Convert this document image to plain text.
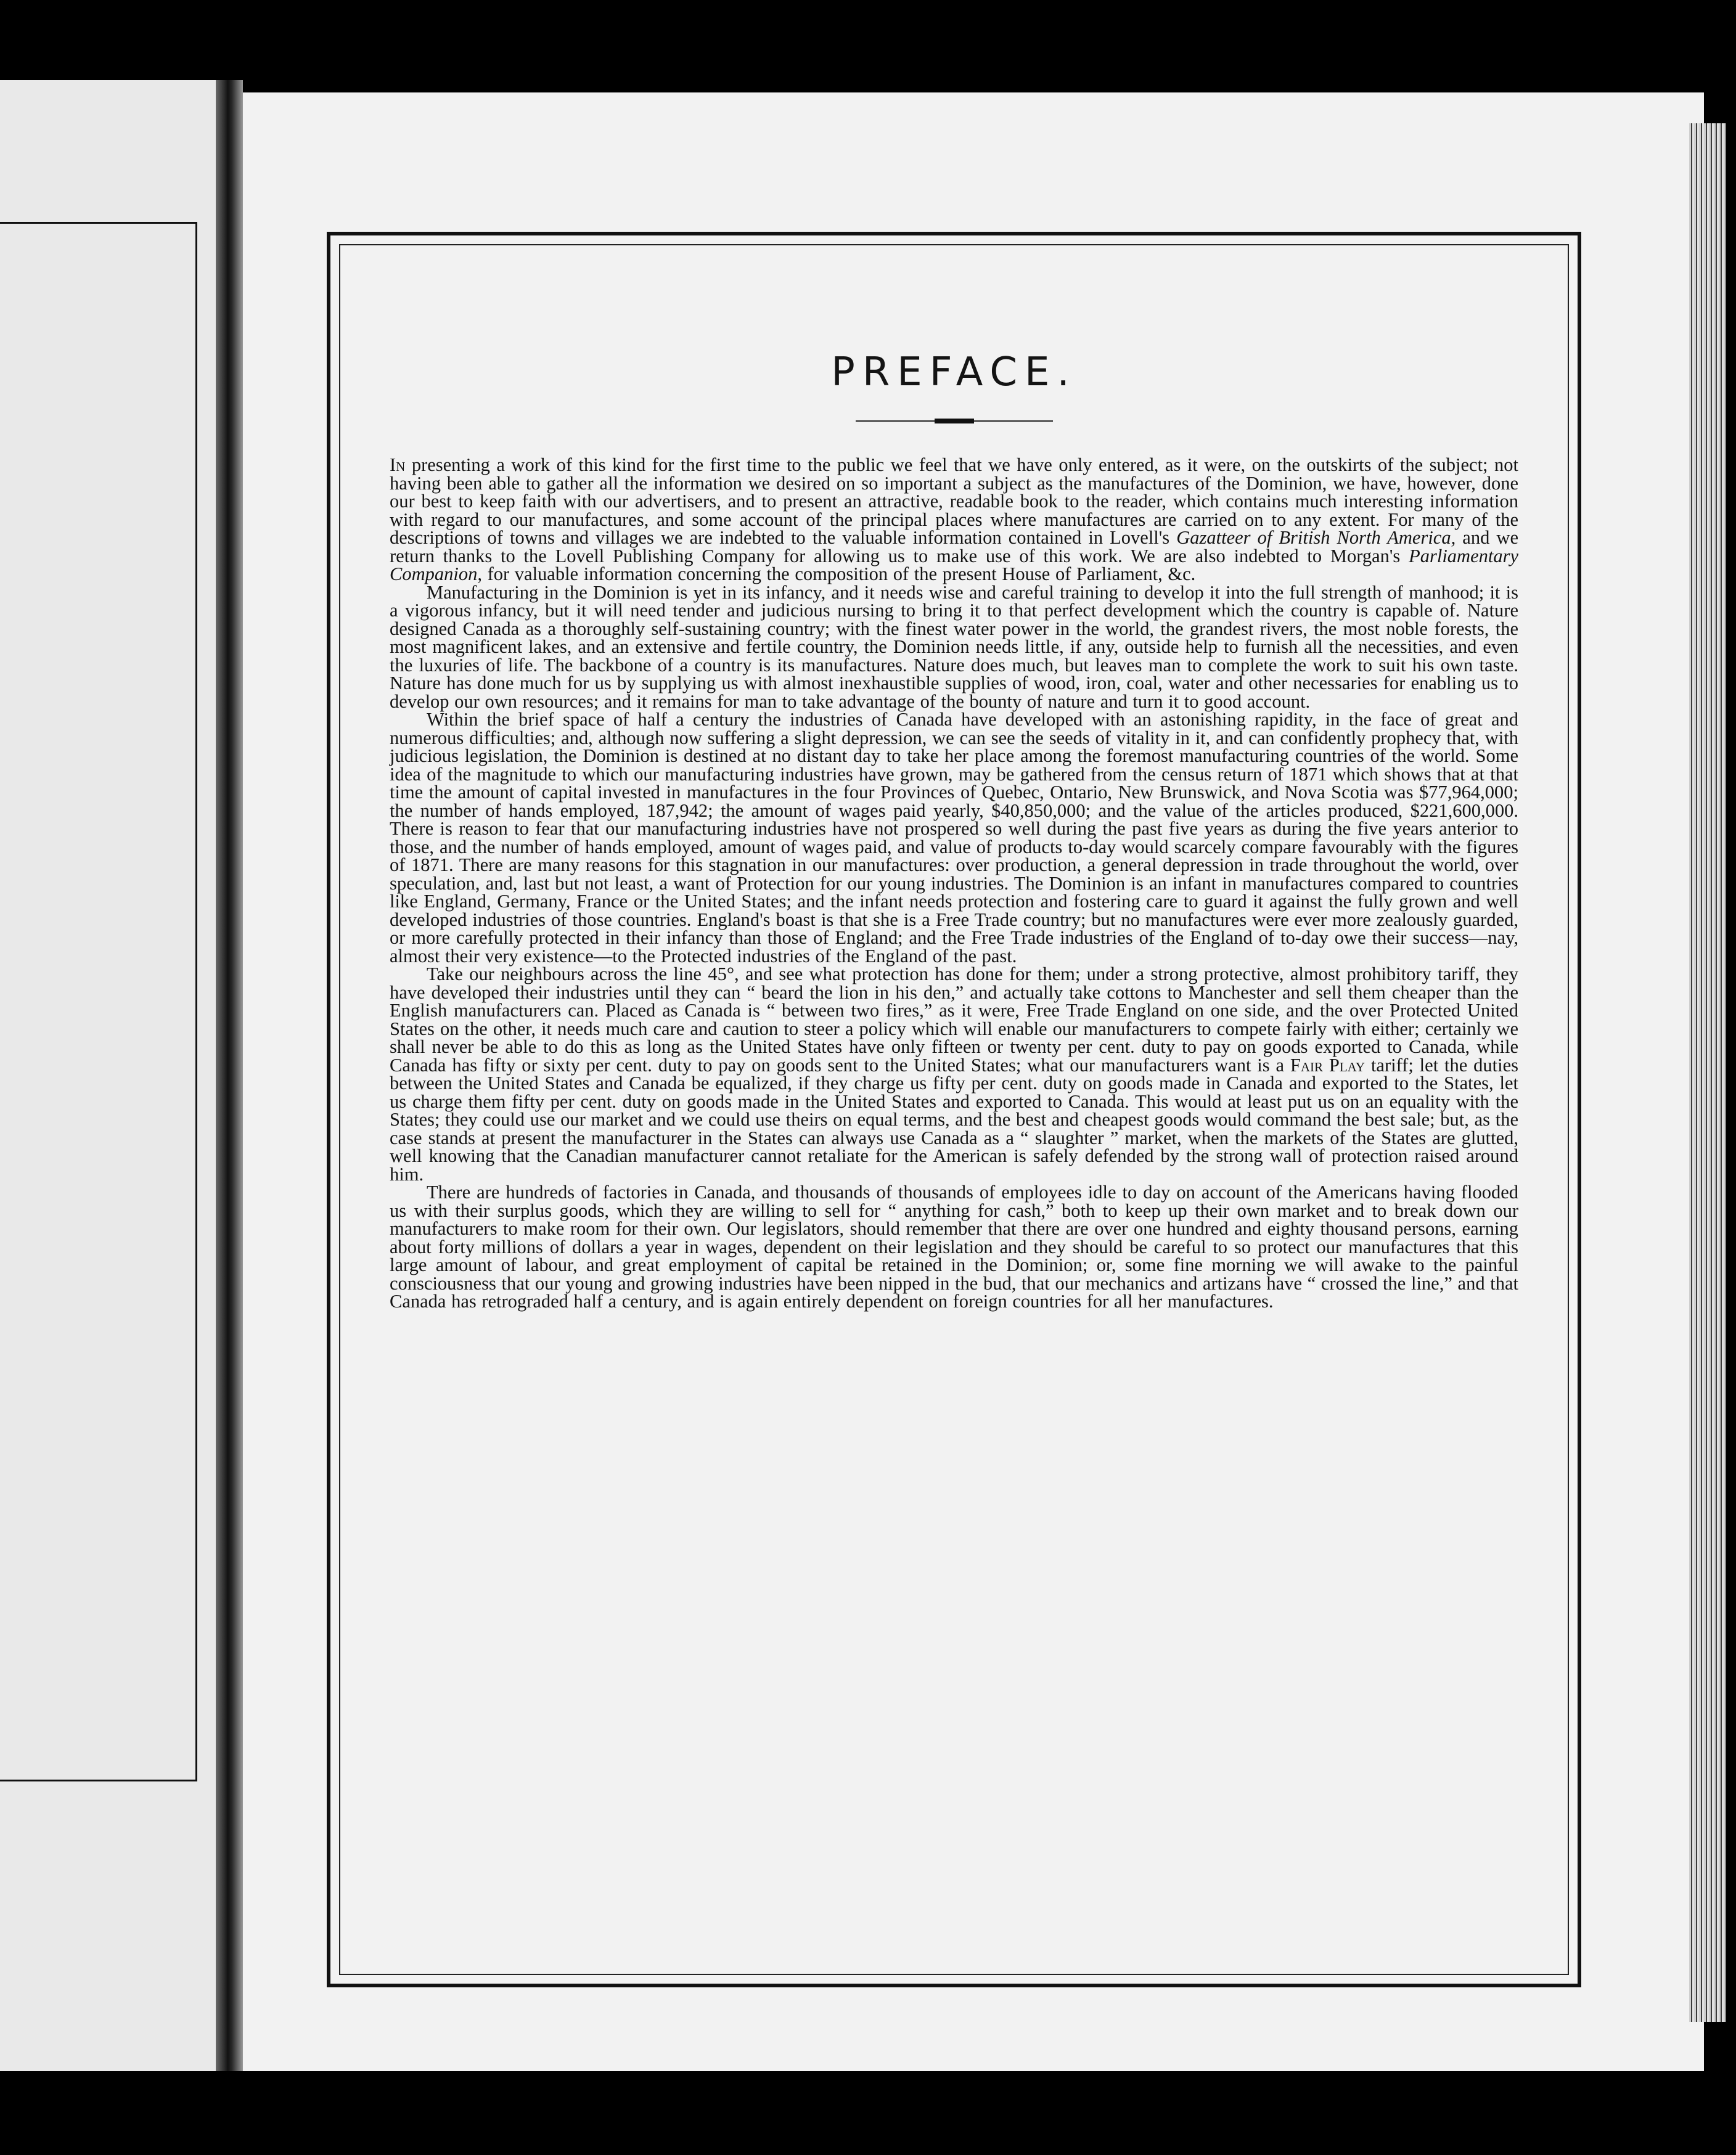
PREFACE.

In presenting a work of this kind for the first time to the public we feel that we have only entered, as it were, on the outskirts of the subject; not having been able to gather all the information we desired on so important a subject as the manufactures of the Dominion, we have, however, done our best to keep faith with our advertisers, and to present an attractive, readable book to the reader, which contains much interesting information with regard to our manufactures, and some account of the principal places where manufactures are carried on to any extent. For many of the descriptions of towns and villages we are indebted to the valuable information contained in Lovell's Gazatteer of British North America, and we return thanks to the Lovell Publishing Company for allowing us to make use of this work. We are also indebted to Morgan's Parliamentary Companion, for valuable information concerning the composition of the present House of Parliament, &c.

Manufacturing in the Dominion is yet in its infancy, and it needs wise and careful training to develop it into the full strength of manhood; it is a vigorous infancy, but it will need tender and judicious nursing to bring it to that perfect development which the country is capable of. Nature designed Canada as a thoroughly self-sustaining country; with the finest water power in the world, the grandest rivers, the most noble forests, the most magnificent lakes, and an extensive and fertile country, the Dominion needs little, if any, outside help to furnish all the necessities, and even the luxuries of life. The backbone of a country is its manufactures. Nature does much, but leaves man to complete the work to suit his own taste. Nature has done much for us by supplying us with almost inexhaustible supplies of wood, iron, coal, water and other necessaries for enabling us to develop our own resources; and it remains for man to take advantage of the bounty of nature and turn it to good account.

Within the brief space of half a century the industries of Canada have developed with an astonishing rapidity, in the face of great and numerous difficulties; and, although now suffering a slight depression, we can see the seeds of vitality in it, and can confidently prophecy that, with judicious legislation, the Dominion is destined at no distant day to take her place among the foremost manufacturing countries of the world. Some idea of the magnitude to which our manufacturing industries have grown, may be gathered from the census return of 1871 which shows that at that time the amount of capital invested in manufactures in the four Provinces of Quebec, Ontario, New Brunswick, and Nova Scotia was $77,964,000; the number of hands employed, 187,942; the amount of wages paid yearly, $40,850,000; and the value of the articles produced, $221,600,000. There is reason to fear that our manufacturing industries have not prospered so well during the past five years as during the five years anterior to those, and the number of hands employed, amount of wages paid, and value of products to-day would scarcely compare favourably with the figures of 1871. There are many reasons for this stagnation in our manufactures: over production, a general depression in trade throughout the world, over speculation, and, last but not least, a want of Protection for our young industries. The Dominion is an infant in manufactures compared to countries like England, Germany, France or the United States; and the infant needs protection and fostering care to guard it against the fully grown and well developed industries of those countries. England's boast is that she is a Free Trade country; but no manufactures were ever more zealously guarded, or more carefully protected in their infancy than those of England; and the Free Trade industries of the England of to-day owe their success—nay, almost their very existence—to the Protected industries of the England of the past.

Take our neighbours across the line 45°, and see what protection has done for them; under a strong protective, almost prohibitory tariff, they have developed their industries until they can “ beard the lion in his den,” and actually take cottons to Manchester and sell them cheaper than the English manufacturers can. Placed as Canada is “ between two fires,” as it were, Free Trade England on one side, and the over Protected United States on the other, it needs much care and caution to steer a policy which will enable our manufacturers to compete fairly with either; certainly we shall never be able to do this as long as the United States have only fifteen or twenty per cent. duty to pay on goods exported to Canada, while Canada has fifty or sixty per cent. duty to pay on goods sent to the United States; what our manufacturers want is a Fair Play tariff; let the duties between the United States and Canada be equalized, if they charge us fifty per cent. duty on goods made in Canada and exported to the States, let us charge them fifty per cent. duty on goods made in the United States and exported to Canada. This would at least put us on an equality with the States; they could use our market and we could use theirs on equal terms, and the best and cheapest goods would command the best sale; but, as the case stands at present the manufacturer in the States can always use Canada as a “ slaughter ” market, when the markets of the States are glutted, well knowing that the Canadian manufacturer cannot retaliate for the American is safely defended by the strong wall of protection raised around him.

There are hundreds of factories in Canada, and thousands of thousands of employees idle to day on account of the Americans having flooded us with their surplus goods, which they are willing to sell for “ anything for cash,” both to keep up their own market and to break down our manufacturers to make room for their own. Our legislators, should remember that there are over one hundred and eighty thousand persons, earning about forty millions of dollars a year in wages, dependent on their legislation and they should be careful to so protect our manufactures that this large amount of labour, and great employment of capital be retained in the Dominion; or, some fine morning we will awake to the painful consciousness that our young and growing industries have been nipped in the bud, that our mechanics and artizans have “ crossed the line,” and that Canada has retrograded half a century, and is again entirely dependent on foreign countries for all her manufactures.
